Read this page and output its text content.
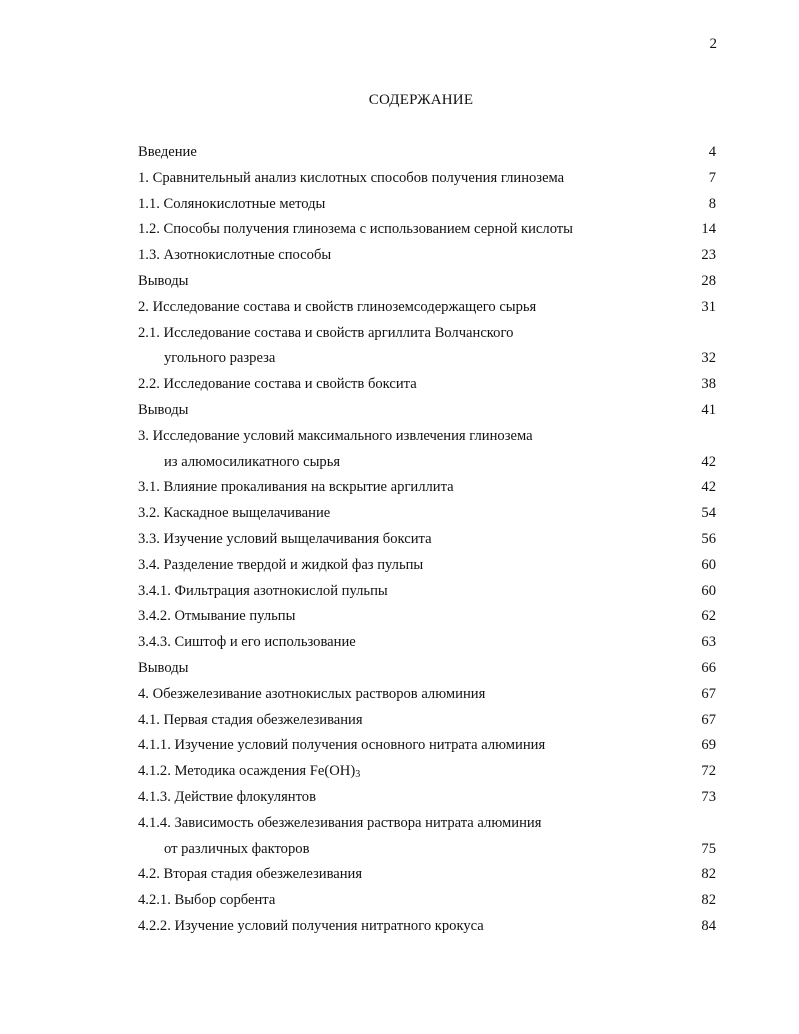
2
СОДЕРЖАНИЕ
Введение	4
1. Сравнительный анализ кислотных способов получения глинозема	7
1.1. Солянокислотные методы	8
1.2. Способы получения глинозема с использованием серной кислоты	14
1.3. Азотнокислотные способы	23
Выводы	28
2. Исследование состава и свойств глиноземсодержащего сырья	31
2.1. Исследование состава и свойств аргиллита Волчанского
угольного разреза	32
2.2. Исследование состава и свойств боксита	38
Выводы	41
3. Исследование условий максимального извлечения глинозема
из алюмосиликатного сырья	42
3.1. Влияние прокаливания на вскрытие аргиллита	42
3.2. Каскадное выщелачивание	54
3.3. Изучение условий выщелачивания боксита	56
3.4. Разделение твердой и жидкой фаз пульпы	60
3.4.1. Фильтрация азотнокислой пульпы	60
3.4.2. Отмывание пульпы	62
3.4.3. Сиштоф и его использование	63
Выводы	66
4. Обезжелезивание азотнокислых растворов алюминия	67
4.1. Первая стадия обезжелезивания	67
4.1.1. Изучение условий получения основного нитрата алюминия	69
4.1.2. Методика осаждения $Fe(OH)_3$	72
4.1.3. Действие флокулянтов	73
4.1.4. Зависимость обезжелезивания раствора нитрата алюминия
от различных факторов	75
4.2. Вторая стадия обезжелезивания	82
4.2.1. Выбор сорбента	82
4.2.2. Изучение условий получения нитратного крокуса	84
